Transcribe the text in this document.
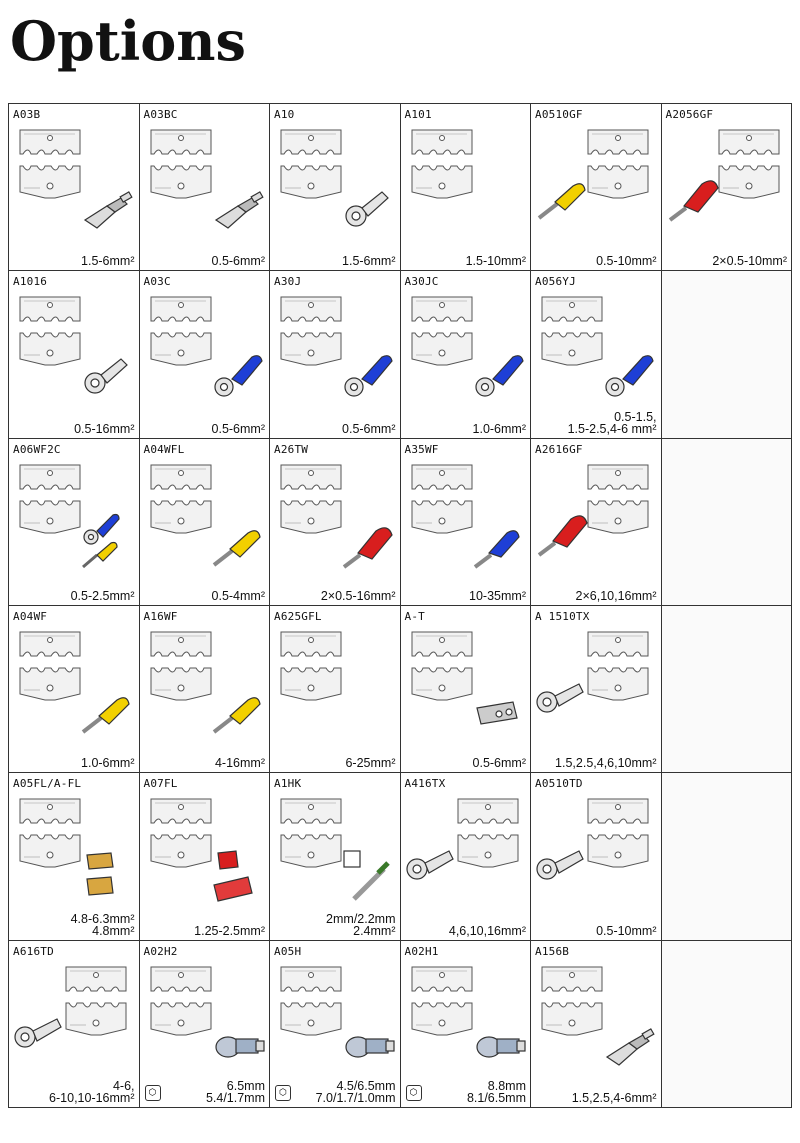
Options
A03B
1.5-6mm²
A03BC
0.5-6mm²
A10
1.5-6mm²
A101
1.5-10mm²
A0510GF
0.5-10mm²
A2056GF
2×0.5-10mm²
A1016
0.5-16mm²
A03C
0.5-6mm²
A30J
0.5-6mm²
A30JC
1.0-6mm²
A056YJ
0.5-1.5,
1.5-2.5,4-6 mm²
A06WF2C
0.5-2.5mm²
A04WFL
0.5-4mm²
A26TW
2×0.5-16mm²
A35WF
10-35mm²
A2616GF
2×6,10,16mm²
A04WF
1.0-6mm²
A16WF
4-16mm²
A625GFL
6-25mm²
A-T
0.5-6mm²
A 1510TX
1.5,2.5,4,6,10mm²
A05FL/A-FL
4.8-6.3mm²
4.8mm²
A07FL
1.25-2.5mm²
A1HK
2mm/2.2mm
2.4mm²
A416TX
4,6,10,16mm²
A0510TD
0.5-10mm²
A616TD
4-6,
6-10,10-16mm²
A02H2
⬡	6.5mm
5.4/1.7mm
A05H
⬡	4.5/6.5mm
7.0/1.7/1.0mm
A02H1
⬡	8.8mm
8.1/6.5mm
A156B
1.5,2.5,4-6mm²
